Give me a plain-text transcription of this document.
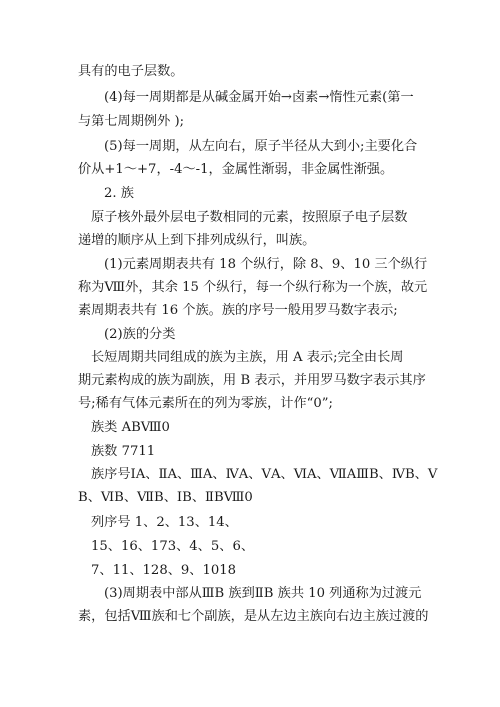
具有的电子层数。
(4)每一周期都是从碱金属开始→卤素→惰性元素(第一
与第七周期例外 );
(5)每一周期，从左向右，原子半径从大到小;主要化合
价从+1～+7，-4～-1，金属性渐弱，非金属性渐强。
2. 族
原子核外最外层电子数相同的元素，按照原子电子层数
递增的顺序从上到下排列成纵行，叫族。
(1)元素周期表共有 18 个纵行，除 8、9、10 三个纵行
称为Ⅷ外，其余 15 个纵行，每一个纵行称为一个族，故元
素周期表共有 16 个族。族的序号一般用罗马数字表示;
(2)族的分类
长短周期共同组成的族为主族，用 A 表示;完全由长周
期元素构成的族为副族，用 B 表示，并用罗马数字表示其序
号;稀有气体元素所在的列为零族，计作“0”;
族类 ABⅧ0
族数 7711
族序号ⅠA、ⅡA、ⅢA、ⅣA、ⅤA、ⅥA、ⅦAⅢB、ⅣB、Ⅴ
B、ⅥB、ⅦB、ⅠB、ⅡBⅧ0
列序号 1、2、13、14、
15、16、173、4、5、6、
7、11、128、9、1018
(3)周期表中部从ⅢB 族到ⅡB 族共 10 列通称为过渡元
素，包括Ⅷ族和七个副族，是从左边主族向右边主族过渡的
